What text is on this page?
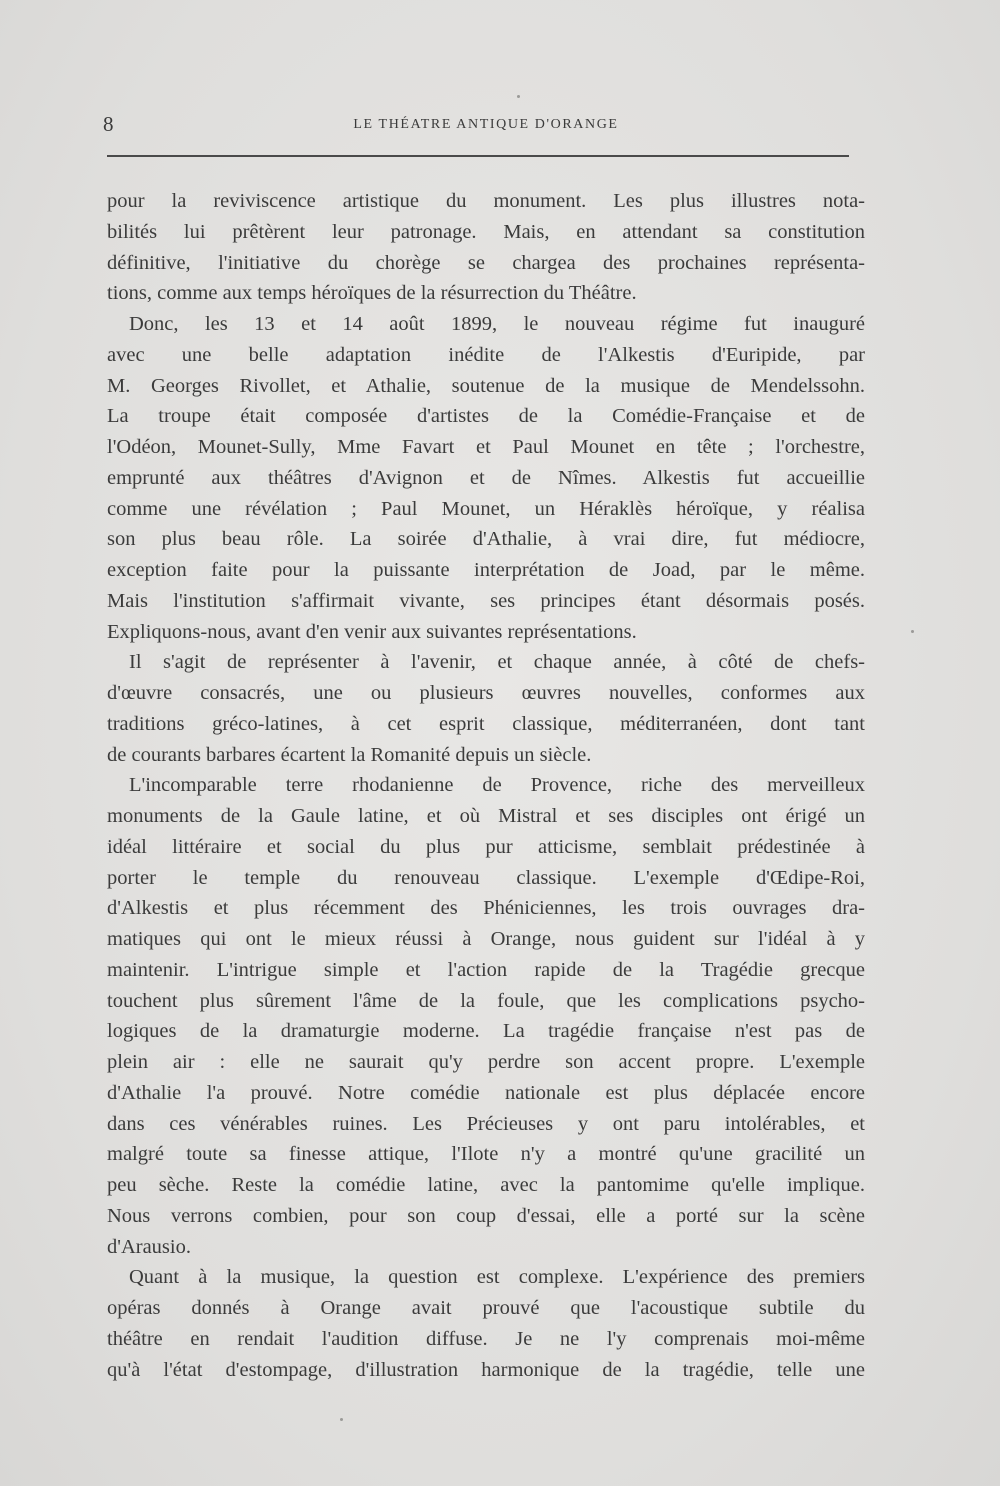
8	LE THÉATRE ANTIQUE D'ORANGE
pour la reviviscence artistique du monument. Les plus illustres nota-
bilités lui prêtèrent leur patronage. Mais, en attendant sa constitution
définitive, l'initiative du chorège se chargea des prochaines représenta-
tions, comme aux temps héroïques de la résurrection du Théâtre.
Donc, les 13 et 14 août 1899, le nouveau régime fut inauguré
avec une belle adaptation inédite de l'Alkestis d'Euripide, par
M. Georges Rivollet, et Athalie, soutenue de la musique de Mendelssohn.
La troupe était composée d'artistes de la Comédie-Française et de
l'Odéon, Mounet-Sully, Mme Favart et Paul Mounet en tête ; l'orchestre,
emprunté aux théâtres d'Avignon et de Nîmes. Alkestis fut accueillie
comme une révélation ; Paul Mounet, un Héraklès héroïque, y réalisa
son plus beau rôle. La soirée d'Athalie, à vrai dire, fut médiocre,
exception faite pour la puissante interprétation de Joad, par le même.
Mais l'institution s'affirmait vivante, ses principes étant désormais posés.
Expliquons-nous, avant d'en venir aux suivantes représentations.
Il s'agit de représenter à l'avenir, et chaque année, à côté de chefs-
d'œuvre consacrés, une ou plusieurs œuvres nouvelles, conformes aux
traditions gréco-latines, à cet esprit classique, méditerranéen, dont tant
de courants barbares écartent la Romanité depuis un siècle.
L'incomparable terre rhodanienne de Provence, riche des merveilleux
monuments de la Gaule latine, et où Mistral et ses disciples ont érigé un
idéal littéraire et social du plus pur atticisme, semblait prédestinée à
porter le temple du renouveau classique. L'exemple d'Œdipe-Roi,
d'Alkestis et plus récemment des Phéniciennes, les trois ouvrages dra-
matiques qui ont le mieux réussi à Orange, nous guident sur l'idéal à y
maintenir. L'intrigue simple et l'action rapide de la Tragédie grecque
touchent plus sûrement l'âme de la foule, que les complications psycho-
logiques de la dramaturgie moderne. La tragédie française n'est pas de
plein air : elle ne saurait qu'y perdre son accent propre. L'exemple
d'Athalie l'a prouvé. Notre comédie nationale est plus déplacée encore
dans ces vénérables ruines. Les Précieuses y ont paru intolérables, et
malgré toute sa finesse attique, l'Ilote n'y a montré qu'une gracilité un
peu sèche. Reste la comédie latine, avec la pantomime qu'elle implique.
Nous verrons combien, pour son coup d'essai, elle a porté sur la scène
d'Arausio.
Quant à la musique, la question est complexe. L'expérience des premiers
opéras donnés à Orange avait prouvé que l'acoustique subtile du
théâtre en rendait l'audition diffuse. Je ne l'y comprenais moi-même
qu'à l'état d'estompage, d'illustration harmonique de la tragédie, telle une
